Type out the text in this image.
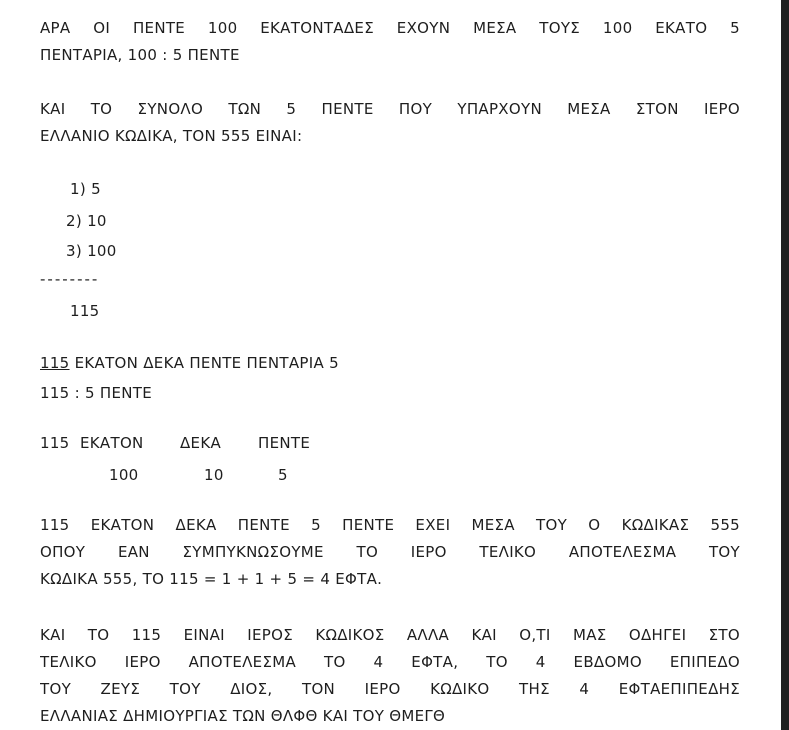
ΑΡΑ ΟΙ ΠΕΝΤΕ 100 ΕΚΑΤΟΝΤΑΔΕΣ ΕΧΟΥΝ ΜΕΣΑ ΤΟΥΣ 100 ΕΚΑΤΟ 5
ΠΕΝΤΑΡΙΑ, 100 : 5 ΠΕΝΤΕ
ΚΑΙ ΤΟ ΣΥΝΟΛΟ ΤΩΝ 5 ΠΕΝΤΕ ΠΟΥ ΥΠΑΡΧΟΥΝ ΜΕΣΑ ΣΤΟΝ ΙΕΡΟ
ΕΛΛΑΝΙΟ ΚΩΔΙΚΑ, ΤΟΝ 555 ΕΙΝΑΙ:
1) 5
2) 10
3) 100
--------
115
115 ΕΚΑΤΟΝ ΔΕΚΑ ΠΕΝΤΕ ΠΕΝΤΑΡΙΑ 5
115 : 5 ΠΕΝΤΕ
115 ΕΚΑΤΟΝ ΔΕΚΑ ΠΕΝΤΕ
100	10	5
115 ΕΚΑΤΟΝ ΔΕΚΑ ΠΕΝΤΕ 5 ΠΕΝΤΕ ΕΧΕΙ ΜΕΣΑ ΤΟΥ Ο ΚΩΔΙΚΑΣ 555
ΟΠΟΥ ΕΑΝ ΣΥΜΠΥΚΝΩΣΟΥΜΕ ΤΟ ΙΕΡΟ ΤΕΛΙΚΟ ΑΠΟΤΕΛΕΣΜΑ ΤΟΥ
ΚΩΔΙΚΑ 555, ΤΟ 115 = 1 + 1 + 5 = 4 ΕΦΤΑ.
ΚΑΙ ΤΟ 115 ΕΙΝΑΙ ΙΕΡΟΣ ΚΩΔΙΚΟΣ ΑΛΛΑ ΚΑΙ Ο,ΤΙ ΜΑΣ ΟΔΗΓΕΙ ΣΤΟ
ΤΕΛΙΚΟ ΙΕΡΟ ΑΠΟΤΕΛΕΣΜΑ ΤΟ 4 ΕΦΤΑ, ΤΟ 4 ΕΒΔΟΜΟ ΕΠΙΠΕΔΟ
ΤΟΥ ΖΕΥΣ ΤΟΥ ΔΙΟΣ, ΤΟΝ ΙΕΡΟ ΚΩΔΙΚΟ ΤΗΣ 4 ΕΦΤΑΕΠΙΠΕΔΗΣ
ΕΛΛΑΝΙΑΣ ΔΗΜΙΟΥΡΓΙΑΣ ΤΩΝ ΘΛΦΘ ΚΑΙ ΤΟΥ ΘΜΕΓΘ
